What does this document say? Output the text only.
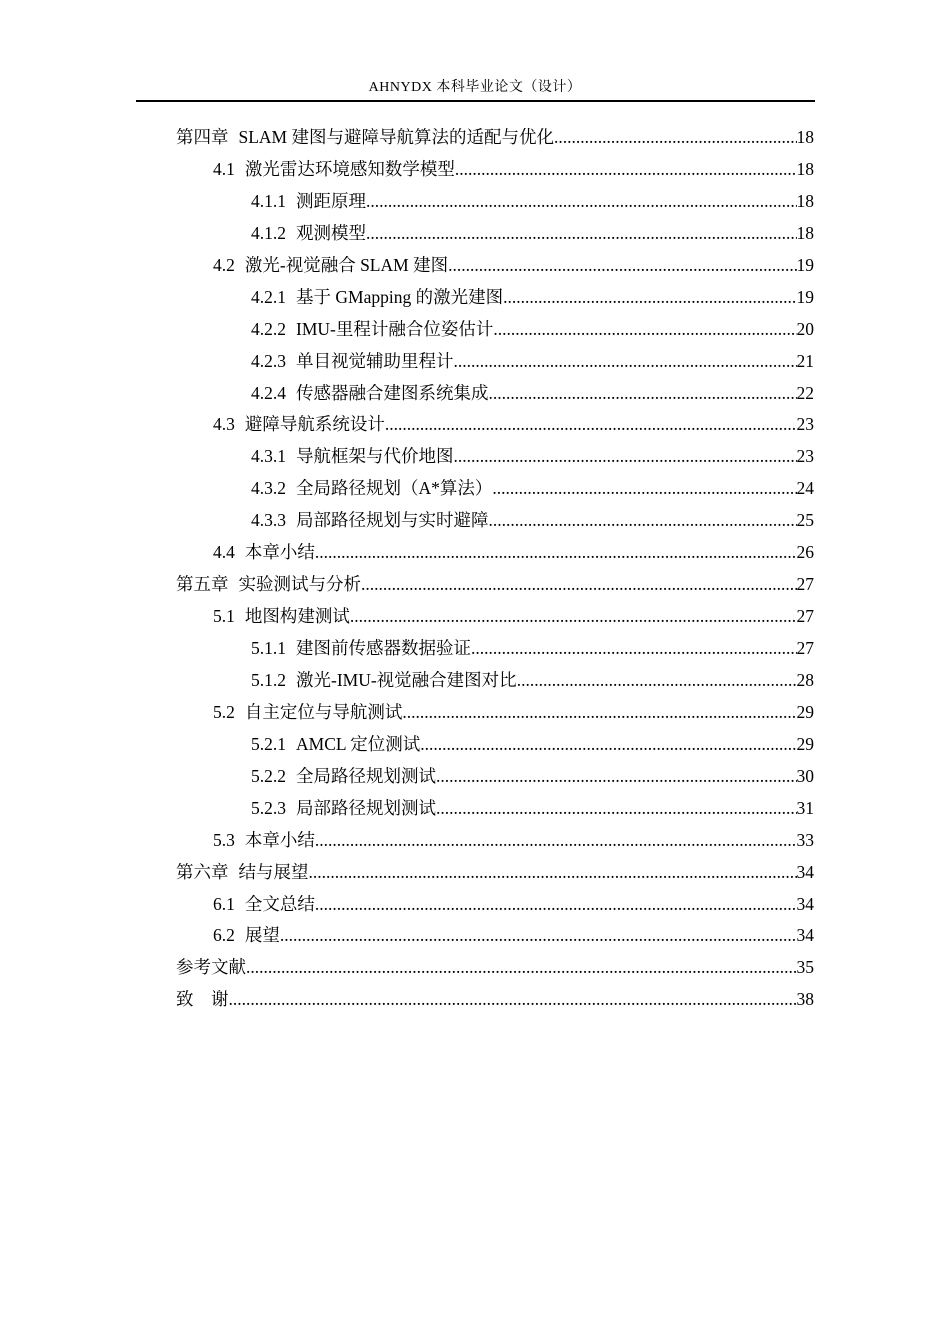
AHNYDX 本科毕业论文（设计）
第四章 SLAM 建图与避障导航算法的适配与优化 .....	18
4.1 激光雷达环境感知数学模型 .....	18
4.1.1 测距原理 .....	18
4.1.2 观测模型 .....	18
4.2 激光-视觉融合 SLAM 建图 .....	19
4.2.1 基于 GMapping 的激光建图 .....	19
4.2.2 IMU-里程计融合位姿估计 .....	20
4.2.3 单目视觉辅助里程计 .....	21
4.2.4 传感器融合建图系统集成 .....	22
4.3 避障导航系统设计 .....	23
4.3.1 导航框架与代价地图 .....	23
4.3.2 全局路径规划（A*算法） .....	24
4.3.3 局部路径规划与实时避障 .....	25
4.4 本章小结 .....	26
第五章 实验测试与分析 .....	27
5.1 地图构建测试 .....	27
5.1.1 建图前传感器数据验证 .....	27
5.1.2 激光-IMU-视觉融合建图对比 .....	28
5.2 自主定位与导航测试 .....	29
5.2.1 AMCL 定位测试 .....	29
5.2.2 全局路径规划测试 .....	30
5.2.3 局部路径规划测试 .....	31
5.3 本章小结 .....	33
第六章 结与展望 .....	34
6.1 全文总结 .....	34
6.2 展望 .....	34
参考文献 .....	35
致　谢 .....	38
